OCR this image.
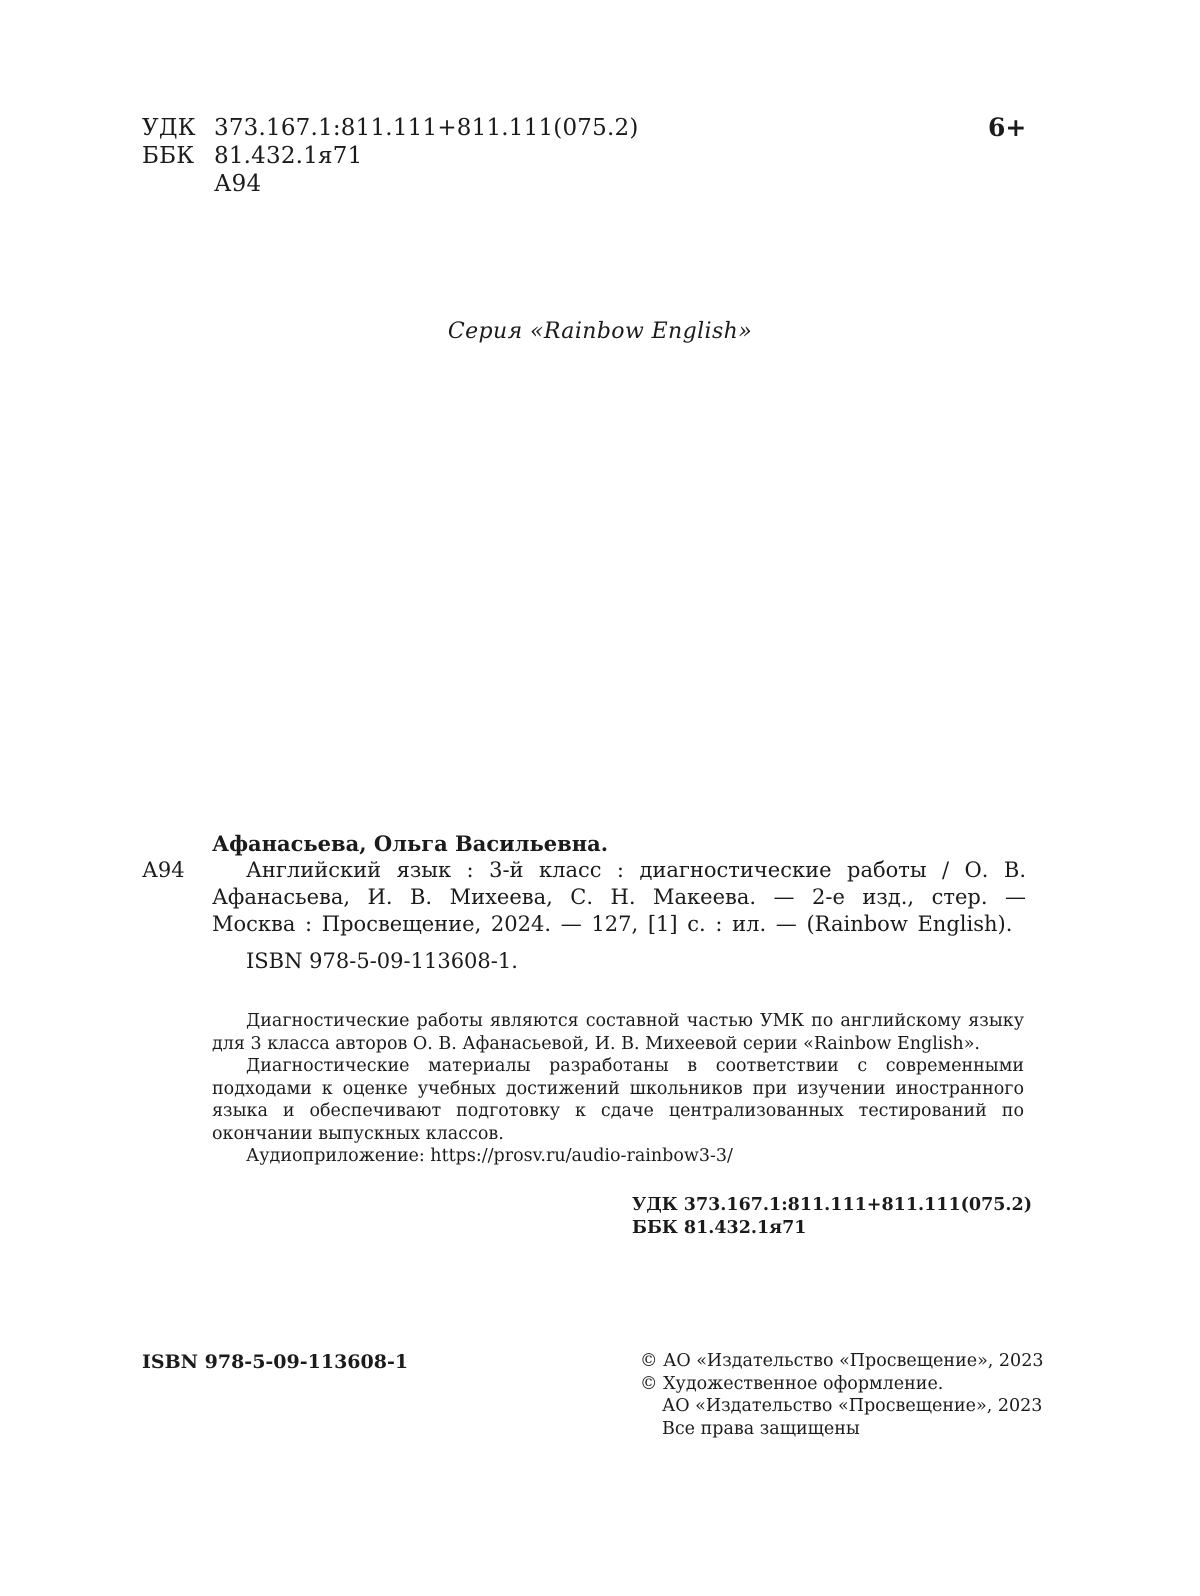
УДК 373.167.1:811.111+811.111(075.2)
ББК 81.432.1я71
А94
6+
Серия «Rainbow English»
А94
Афанасьева, Ольга Васильевна.
Английский язык : 3-й класс : диагностические работы / О. В. Афанасьева, И. В. Михеева, С. Н. Макеева. — 2-е изд., стер. — Москва : Просвещение, 2024. — 127, [1] с. : ил. — (Rainbow English).
ISBN 978-5-09-113608-1.

Диагностические работы являются составной частью УМК по английскому языку для 3 класса авторов О. В. Афанасьевой, И. В. Михеевой серии «Rainbow English».

Диагностические материалы разработаны в соответствии с современными подходами к оценке учебных достижений школьников при изучении иностранного языка и обеспечивают подготовку к сдаче централизованных тестирований по окончании выпускных классов.

Аудиоприложение: https://prosv.ru/audio-rainbow3-3/

УДК 373.167.1:811.111+811.111(075.2)
ББК 81.432.1я71
ISBN 978-5-09-113608-1	© АО «Издательство «Просвещение», 2023
© Художественное оформление.
АО «Издательство «Просвещение», 2023
Все права защищены
